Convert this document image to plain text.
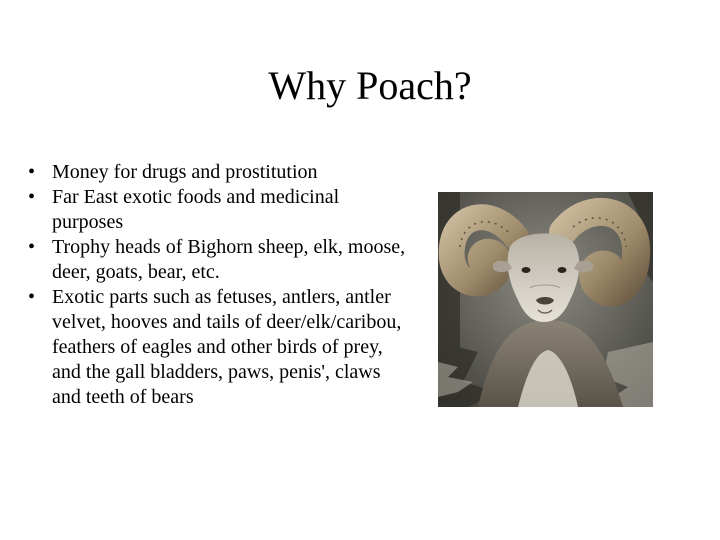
Why Poach?
• Money for drugs and prostitution
• Far East exotic foods and medicinal purposes
• Trophy heads of Bighorn sheep, elk, moose, deer, goats, bear, etc.
• Exotic parts such as fetuses, antlers, antler velvet, hooves and tails of deer/elk/caribou, feathers of eagles and other birds of prey, and the gall bladders, paws, penis', claws and teeth of bears
